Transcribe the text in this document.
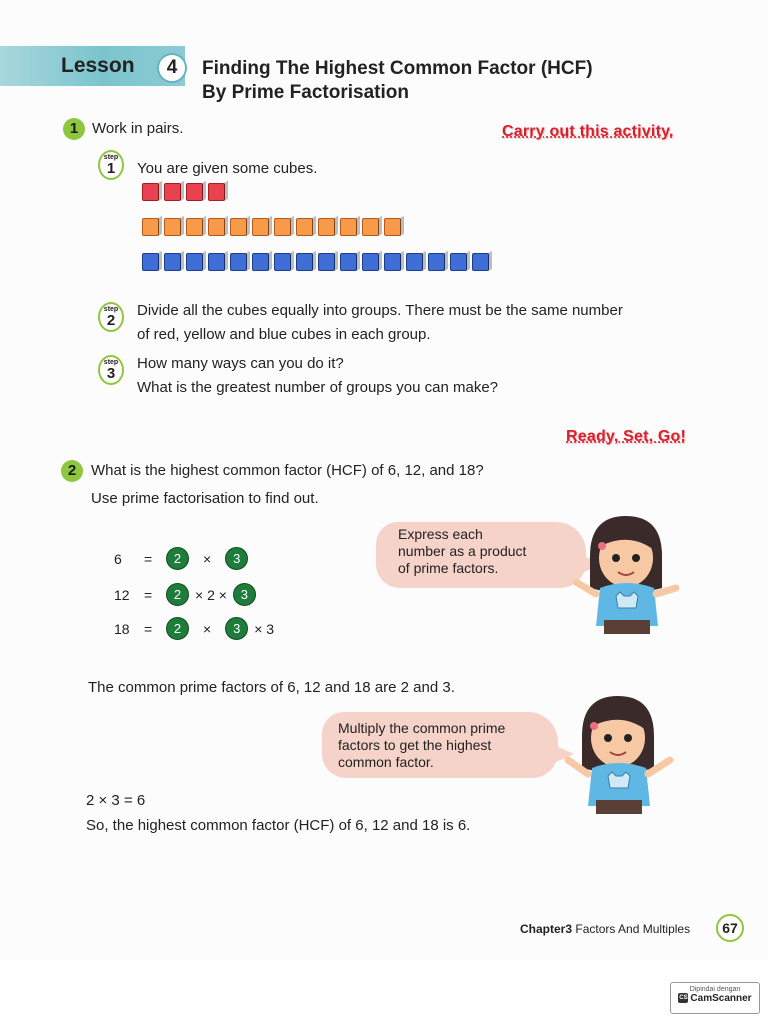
Lesson	4	Finding The Highest Common Factor (HCF)
By Prime Factorisation
1 Work in pairs.	Carry out this activity.
step
1	You are given some cubes.
step
2
Divide all the cubes equally into groups. There must be the same number
of red, yellow and blue cubes in each group.
step
3
How many ways can you do it?
What is the greatest number of groups you can make?
Ready, Set, Go!
2 What is the highest common factor (HCF) of 6, 12, and 18?
Use prime factorisation to find out.
6	=	2	×	3
12	=	2 × 2 ×	3
18	=	2	×	3 × 3
Express each
number as a product
of prime factors.
The common prime factors of 6, 12 and 18 are 2 and 3.
Multiply the common prime
factors to get the highest
common factor.
2 × 3 = 6
So, the highest common factor (HCF) of 6, 12 and 18 is 6.
Chapter3 Factors And Multiples	67
Dipindai dengan
CS CamScanner
